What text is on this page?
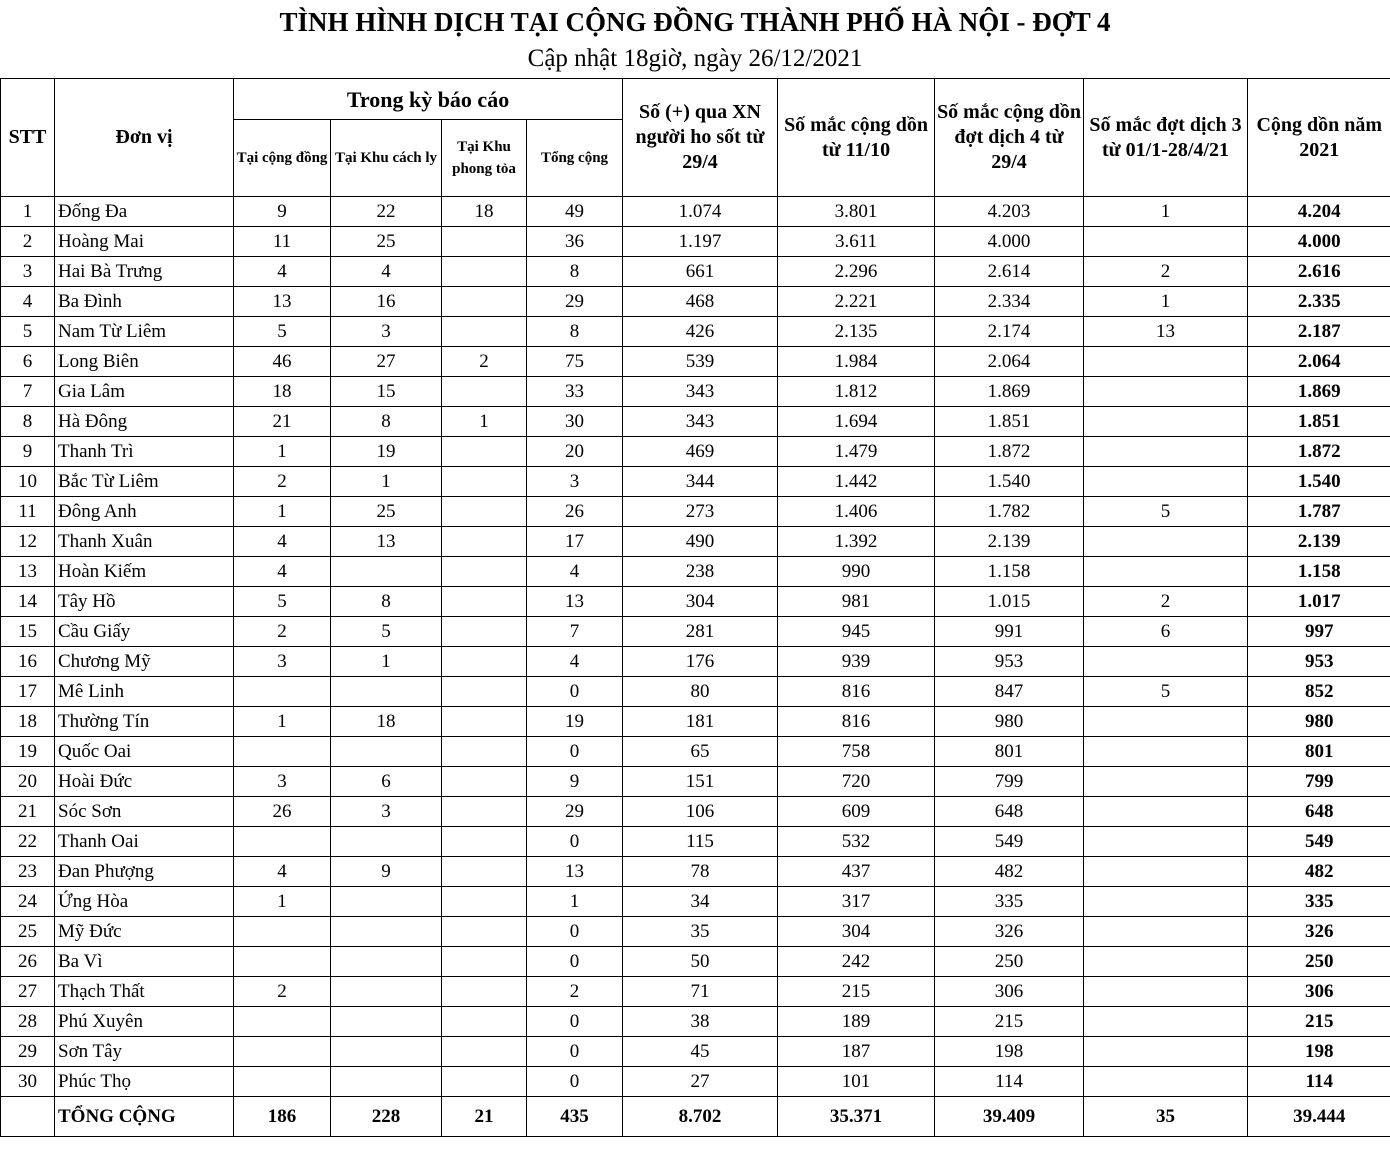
TÌNH HÌNH DỊCH TẠI CỘNG ĐỒNG THÀNH PHỐ HÀ NỘI - ĐỢT 4
Cập nhật 18giờ, ngày 26/12/2021
STT	Đơn vị	Trong kỳ báo cáo				Số (+) qua XN người ho sốt từ 29/4	Số mắc cộng dồn từ 11/10	Số mắc cộng dồn đợt dịch 4 từ 29/4	Số mắc đợt dịch 3 từ 01/1-28/4/21	Cộng dồn năm 2021
		Tại cộng đồng	Tại Khu cách ly	Tại Khu phong tỏa	Tổng cộng					
1	Đống Đa	9	22	18	49	1.074	3.801	4.203	1	4.204
2	Hoàng Mai	11	25		36	1.197	3.611	4.000		4.000
3	Hai Bà Trưng	4	4		8	661	2.296	2.614	2	2.616
4	Ba Đình	13	16		29	468	2.221	2.334	1	2.335
5	Nam Từ Liêm	5	3		8	426	2.135	2.174	13	2.187
6	Long Biên	46	27	2	75	539	1.984	2.064		2.064
7	Gia Lâm	18	15		33	343	1.812	1.869		1.869
8	Hà Đông	21	8	1	30	343	1.694	1.851		1.851
9	Thanh Trì	1	19		20	469	1.479	1.872		1.872
10	Bắc Từ Liêm	2	1		3	344	1.442	1.540		1.540
11	Đông Anh	1	25		26	273	1.406	1.782	5	1.787
12	Thanh Xuân	4	13		17	490	1.392	2.139		2.139
13	Hoàn Kiếm	4			4	238	990	1.158		1.158
14	Tây Hồ	5	8		13	304	981	1.015	2	1.017
15	Cầu Giấy	2	5		7	281	945	991	6	997
16	Chương Mỹ	3	1		4	176	939	953		953
17	Mê Linh				0	80	816	847	5	852
18	Thường Tín	1	18		19	181	816	980		980
19	Quốc Oai				0	65	758	801		801
20	Hoài Đức	3	6		9	151	720	799		799
21	Sóc Sơn	26	3		29	106	609	648		648
22	Thanh Oai				0	115	532	549		549
23	Đan Phượng	4	9		13	78	437	482		482
24	Ứng Hòa	1			1	34	317	335		335
25	Mỹ Đức				0	35	304	326		326
26	Ba Vì				0	50	242	250		250
27	Thạch Thất	2			2	71	215	306		306
28	Phú Xuyên				0	38	189	215		215
29	Sơn Tây				0	45	187	198		198
30	Phúc Thọ				0	27	101	114		114
	TỔNG CỘNG	186	228	21	435	8.702	35.371	39.409	35	39.444
